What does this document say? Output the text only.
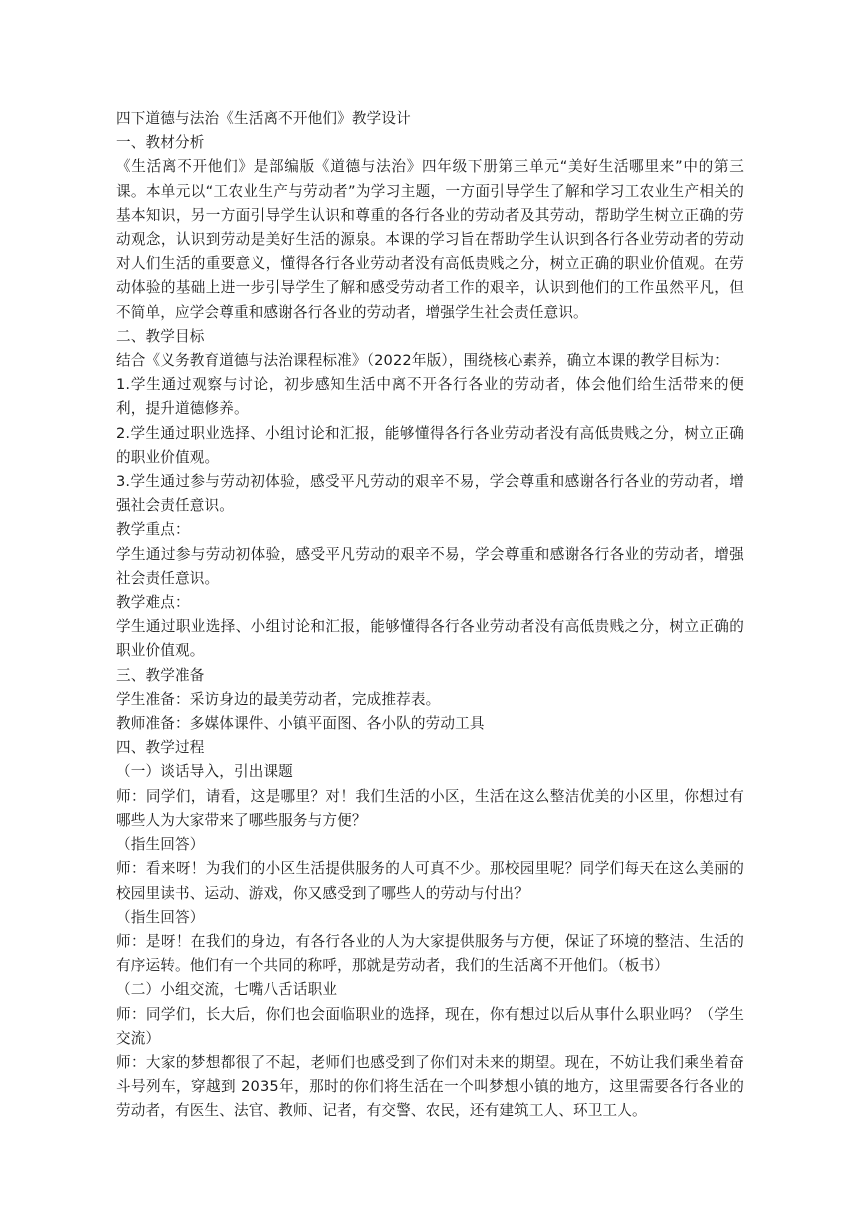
四下道德与法治《生活离不开他们》教学设计

一、教材分析

《生活离不开他们》是部编版《道德与法治》四年级下册第三单元“美好生活哪里来”中的第三课。本单元以“工农业生产与劳动者”为学习主题，一方面引导学生了解和学习工农业生产相关的基本知识，另一方面引导学生认识和尊重的各行各业的劳动者及其劳动，帮助学生树立正确的劳动观念，认识到劳动是美好生活的源泉。本课的学习旨在帮助学生认识到各行各业劳动者的劳动对人们生活的重要意义，懂得各行各业劳动者没有高低贵贱之分，树立正确的职业价值观。在劳动体验的基础上进一步引导学生了解和感受劳动者工作的艰辛，认识到他们的工作虽然平凡，但不简单，应学会尊重和感谢各行各业的劳动者，增强学生社会责任意识。

二、教学目标

结合《义务教育道德与法治课程标准》（2022年版），围绕核心素养，确立本课的教学目标为：

1.学生通过观察与讨论，初步感知生活中离不开各行各业的劳动者，体会他们给生活带来的便利，提升道德修养。

2.学生通过职业选择、小组讨论和汇报，能够懂得各行各业劳动者没有高低贵贱之分，树立正确的职业价值观。

3.学生通过参与劳动初体验，感受平凡劳动的艰辛不易，学会尊重和感谢各行各业的劳动者，增强社会责任意识。

教学重点：

学生通过参与劳动初体验，感受平凡劳动的艰辛不易，学会尊重和感谢各行各业的劳动者，增强社会责任意识。

教学难点：

学生通过职业选择、小组讨论和汇报，能够懂得各行各业劳动者没有高低贵贱之分，树立正确的职业价值观。

三、教学准备

学生准备：采访身边的最美劳动者，完成推荐表。

教师准备：多媒体课件、小镇平面图、各小队的劳动工具

四、教学过程

（一）谈话导入，引出课题

师：同学们，请看，这是哪里？对！我们生活的小区，生活在这么整洁优美的小区里，你想过有哪些人为大家带来了哪些服务与方便？

（指生回答）

师：看来呀！为我们的小区生活提供服务的人可真不少。那校园里呢？同学们每天在这么美丽的校园里读书、运动、游戏，你又感受到了哪些人的劳动与付出？

（指生回答）

师：是呀！在我们的身边，有各行各业的人为大家提供服务与方便，保证了环境的整洁、生活的有序运转。他们有一个共同的称呼，那就是劳动者，我们的生活离不开他们。（板书）

（二）小组交流，七嘴八舌话职业

师：同学们，长大后，你们也会面临职业的选择，现在，你有想过以后从事什么职业吗？（学生交流）

师：大家的梦想都很了不起，老师们也感受到了你们对未来的期望。现在，不妨让我们乘坐着奋斗号列车，穿越到 2035年，那时的你们将生活在一个叫梦想小镇的地方，这里需要各行各业的劳动者，有医生、法官、教师、记者，有交警、农民，还有建筑工人、环卫工人。
